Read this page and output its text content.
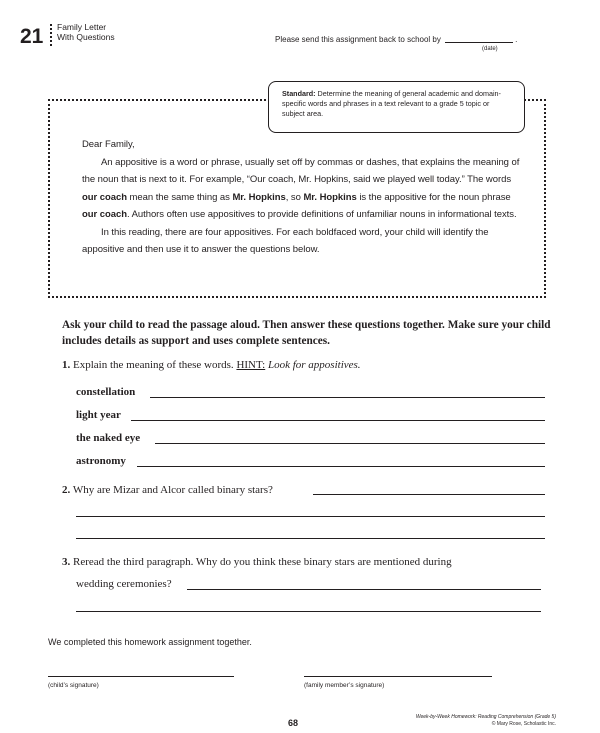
21 Family Letter
With Questions	Please send this assignment back to school by	.
(date)
Standard: Determine the meaning of general academic and domain-specific words and phrases in a text relevant to a grade 5 topic or subject area.

Dear Family,

An appositive is a word or phrase, usually set off by commas or dashes, that explains the meaning of the noun that is next to it. For example, “Our coach, Mr. Hopkins, said we played well today.” The words our coach mean the same thing as Mr. Hopkins, so Mr. Hopkins is the appositive for the noun phrase our coach. Authors often use appositives to provide definitions of unfamiliar nouns in informational texts.

In this reading, there are four appositives. For each boldfaced word, your child will identify the appositive and then use it to answer the questions below.

Ask your child to read the passage aloud. Then answer these questions together. Make sure your child includes details as support and uses complete sentences.
1. Explain the meaning of these words. HINT: Look for appositives.
constellation
light year
the naked eye
astronomy
2. Why are Mizar and Alcor called binary stars?
3. Reread the third paragraph. Why do you think these binary stars are mentioned during
wedding ceremonies?
We completed this homework assignment together.
(child’s signature)	(family member’s signature)
68
Week-by-Week Homework: Reading Comprehension (Grade 5)
© Mary Rose, Scholastic Inc.
